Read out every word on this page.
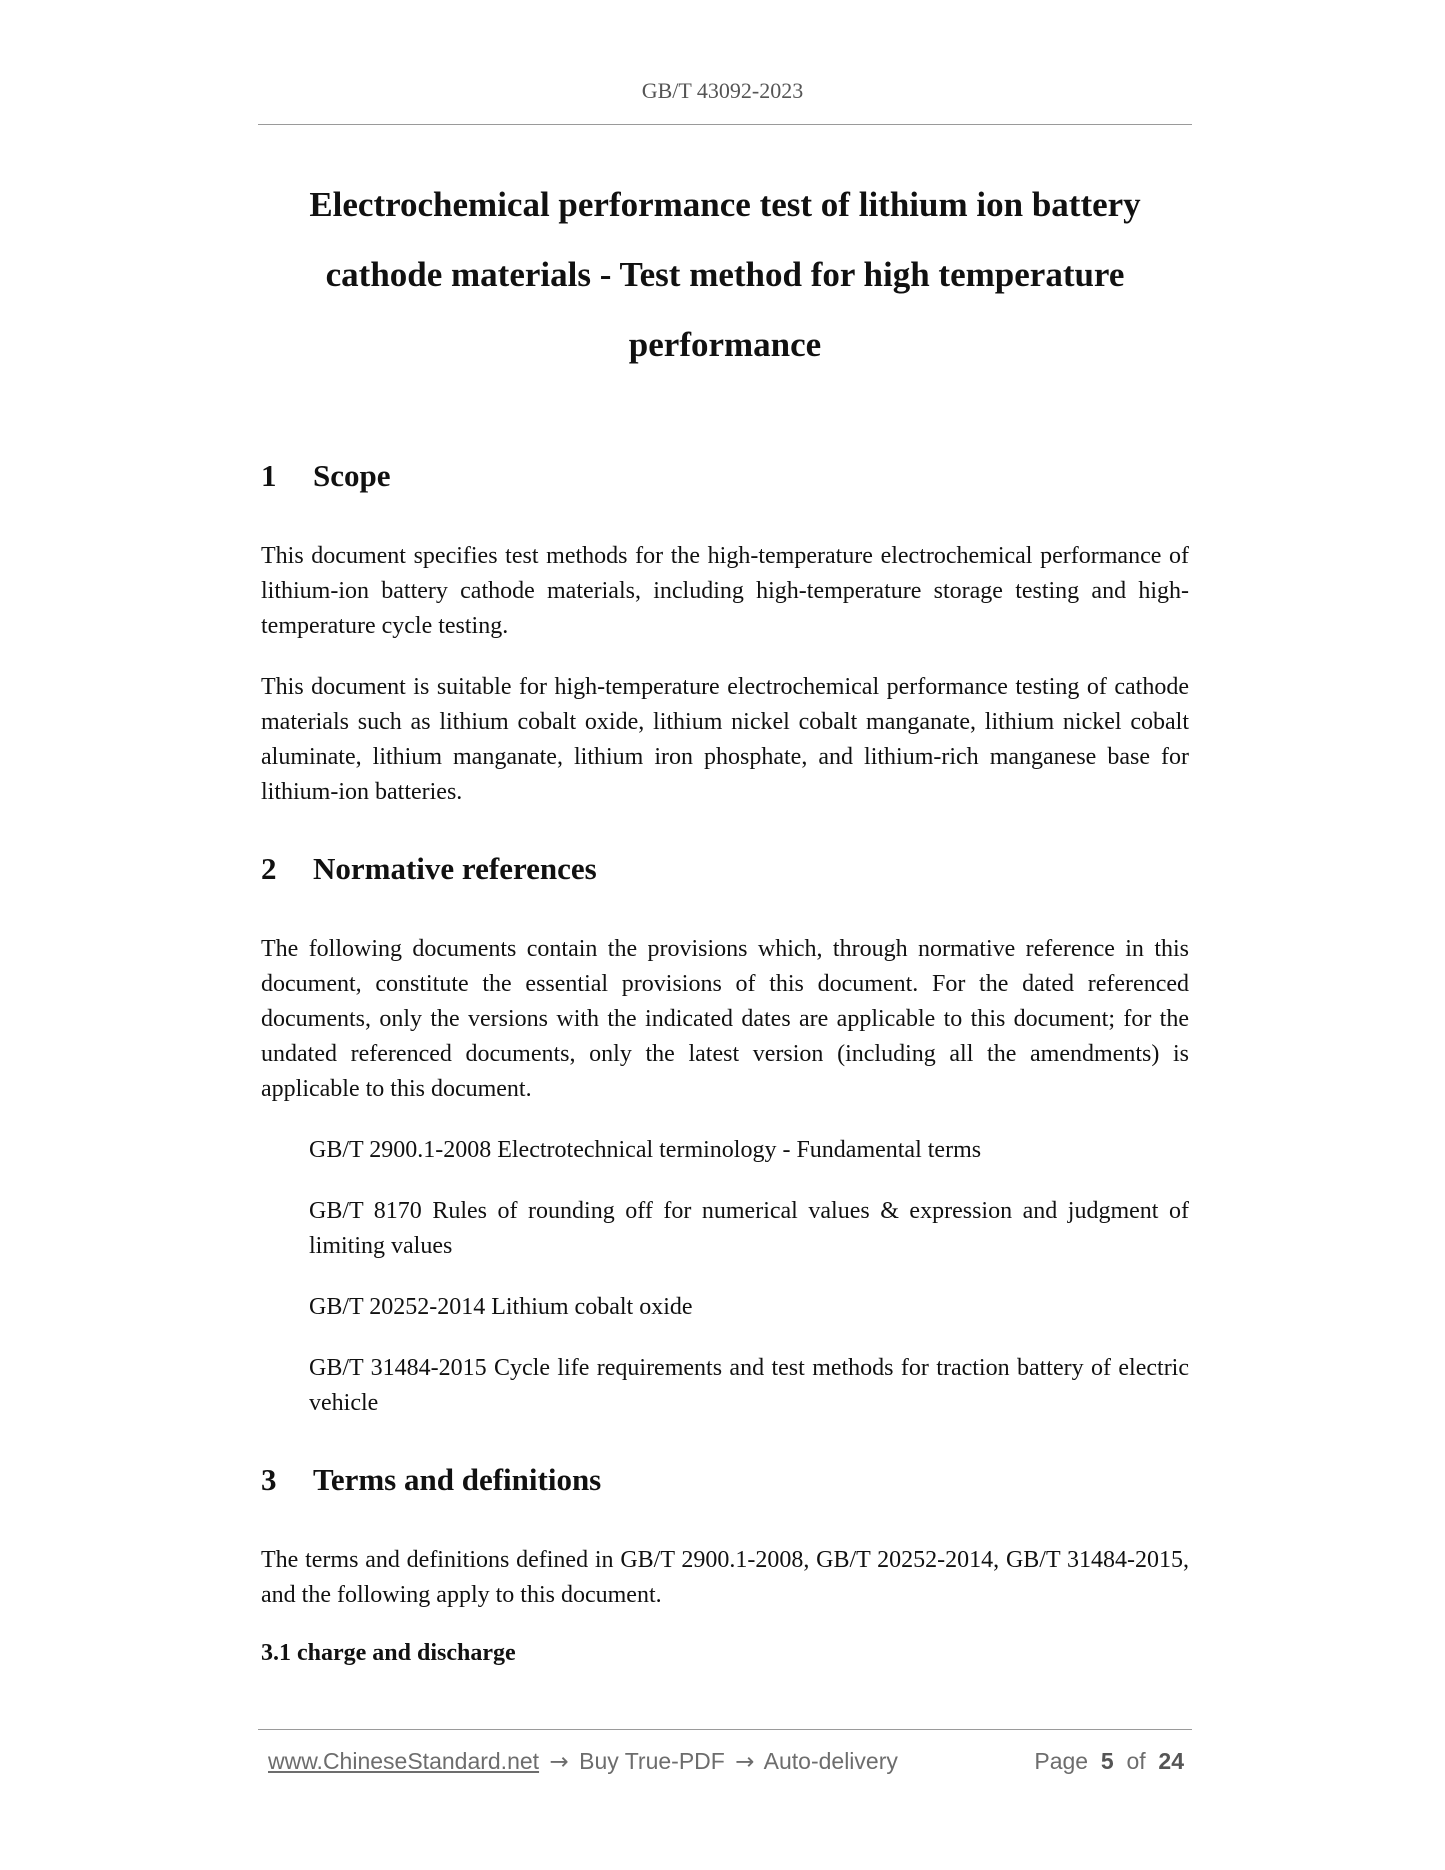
GB/T 43092-2023
Electrochemical performance test of lithium ion battery
cathode materials - Test method for high temperature
performance
1 Scope

This document specifies test methods for the high-temperature electrochemical performance of lithium-ion battery cathode materials, including high-temperature storage testing and high-temperature cycle testing.

This document is suitable for high-temperature electrochemical performance testing of cathode materials such as lithium cobalt oxide, lithium nickel cobalt manganate, lithium nickel cobalt aluminate, lithium manganate, lithium iron phosphate, and lithium-rich manganese base for lithium-ion batteries.

2 Normative references

The following documents contain the provisions which, through normative reference in this document, constitute the essential provisions of this document. For the dated referenced documents, only the versions with the indicated dates are applicable to this document; for the undated referenced documents, only the latest version (including all the amendments) is applicable to this document.

GB/T 2900.1-2008 Electrotechnical terminology - Fundamental terms

GB/T 8170 Rules of rounding off for numerical values & expression and judgment of limiting values

GB/T 20252-2014 Lithium cobalt oxide

GB/T 31484-2015 Cycle life requirements and test methods for traction battery of electric vehicle

3 Terms and definitions

The terms and definitions defined in GB/T 2900.1-2008, GB/T 20252-2014, GB/T 31484-2015, and the following apply to this document.

3.1 charge and discharge

www.ChineseStandard.net → Buy True-PDF → Auto-delivery	Page 5 of 24
